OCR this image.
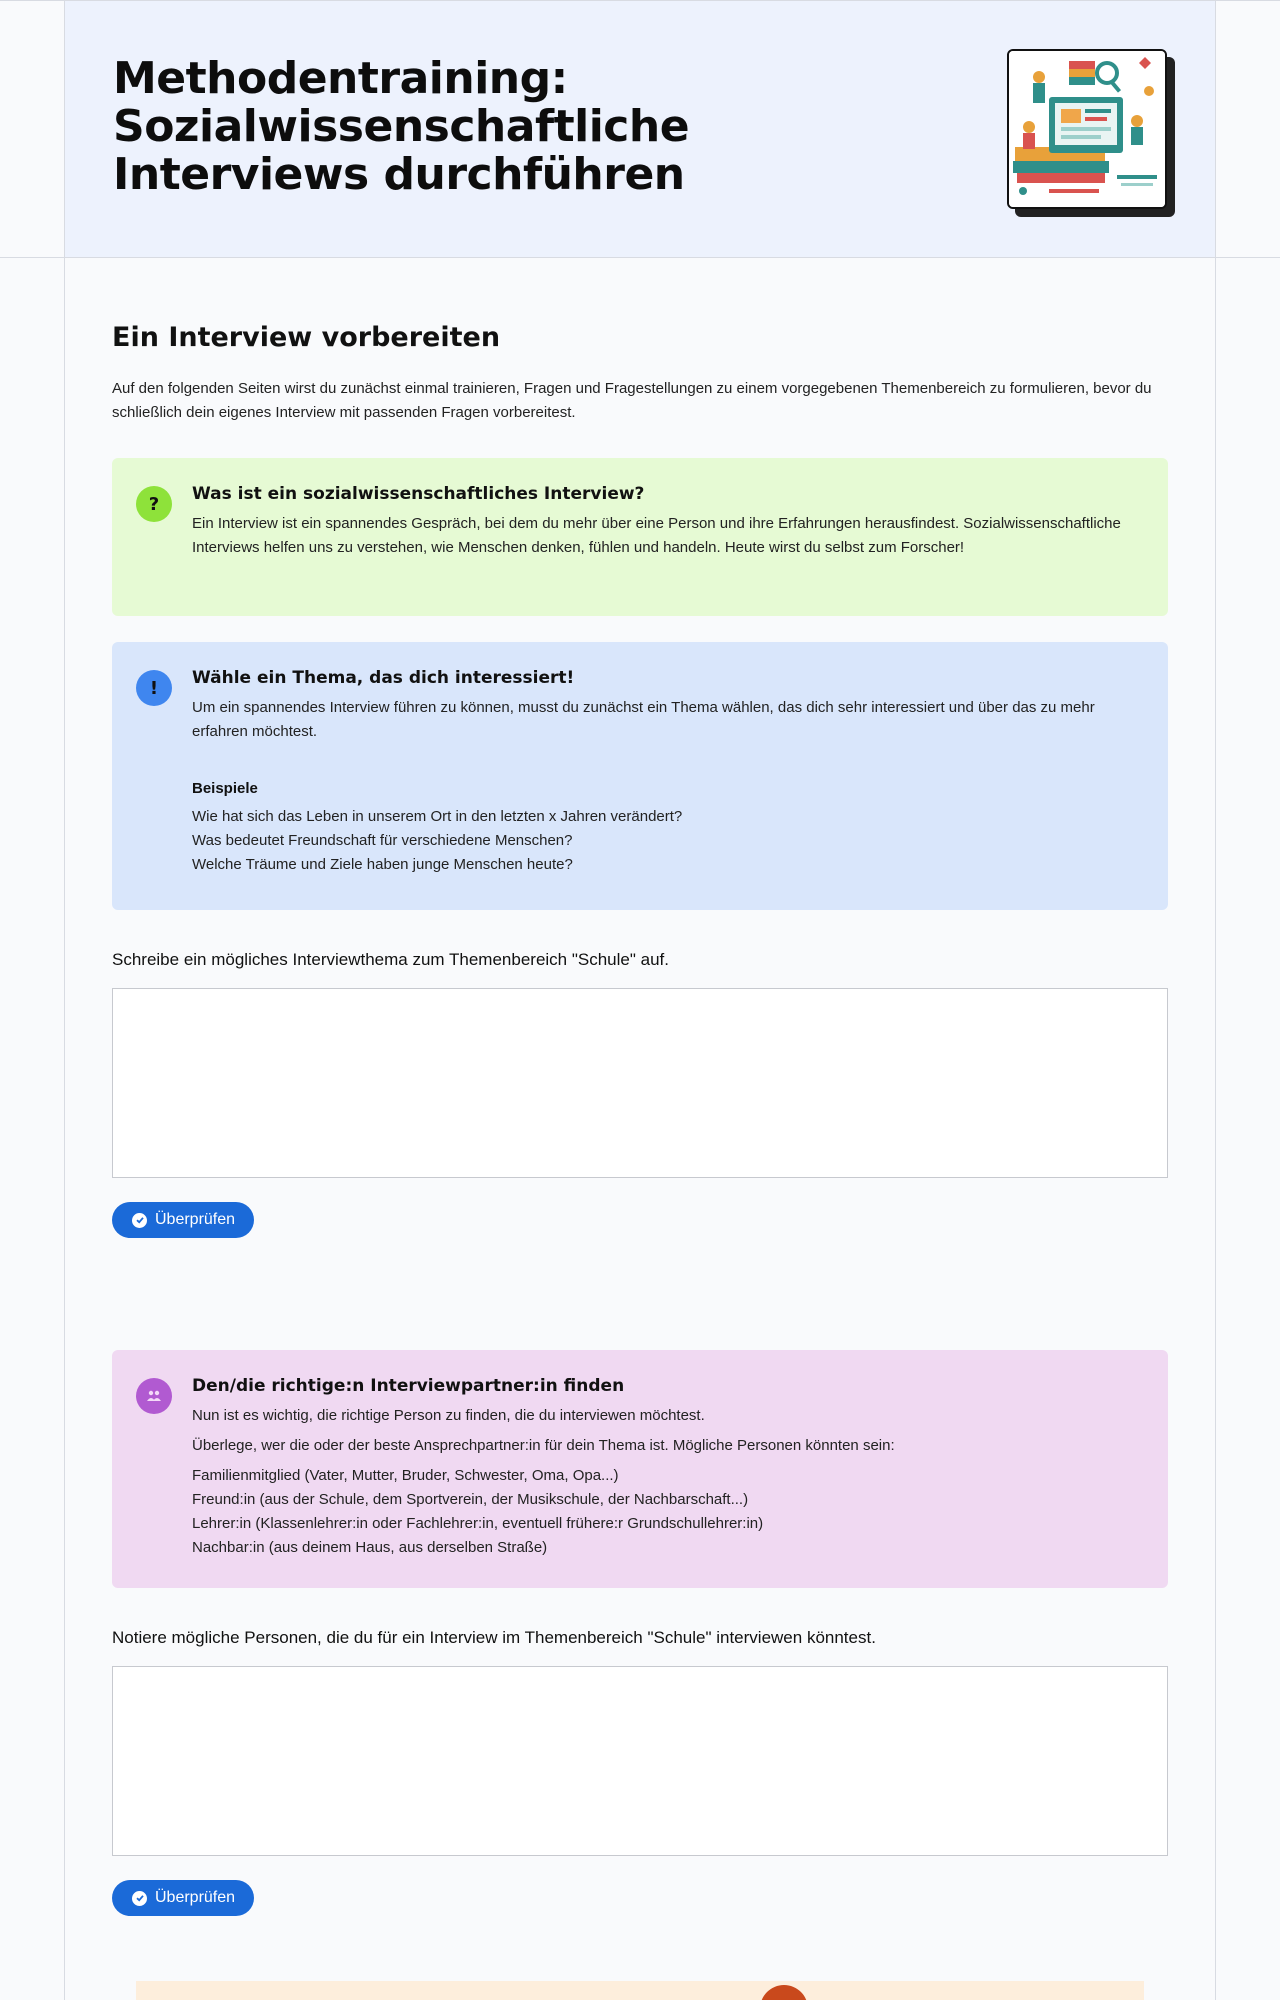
Methodentraining: Sozialwissenschaftliche Interviews durchführen
Ein Interview vorbereiten

Auf den folgenden Seiten wirst du zunächst einmal trainieren, Fragen und Fragestellungen zu einem vorgegebenen Themenbereich zu formulieren, bevor du schließlich dein eigenes Interview mit passenden Fragen vorbereitest.

?	Was ist ein sozialwissenschaftliches Interview?

Ein Interview ist ein spannendes Gespräch, bei dem du mehr über eine Person und ihre Erfahrungen herausfindest. Sozialwissenschaftliche Interviews helfen uns zu verstehen, wie Menschen denken, fühlen und handeln. Heute wirst du selbst zum Forscher!

!	Wähle ein Thema, das dich interessiert!

Um ein spannendes Interview führen zu können, musst du zunächst ein Thema wählen, das dich sehr interessiert und über das zu mehr erfahren möchtest.

Beispiele

Wie hat sich das Leben in unserem Ort in den letzten x Jahren verändert?

Was bedeutet Freundschaft für verschiedene Menschen?

Welche Träume und Ziele haben junge Menschen heute?

Schreibe ein mögliches Interviewthema zum Themenbereich "Schule" auf.

Überprüfen
Den/die richtige:n Interviewpartner:in finden

Nun ist es wichtig, die richtige Person zu finden, die du interviewen möchtest.

Überlege, wer die oder der beste Ansprechpartner:in für dein Thema ist. Mögliche Personen könnten sein:

Familienmitglied (Vater, Mutter, Bruder, Schwester, Oma, Opa...)

Freund:in (aus der Schule, dem Sportverein, der Musikschule, der Nachbarschaft...)

Lehrer:in (Klassenlehrer:in oder Fachlehrer:in, eventuell frühere:r Grundschullehrer:in)

Nachbar:in (aus deinem Haus, aus derselben Straße)

Notiere mögliche Personen, die du für ein Interview im Themenbereich "Schule" interviewen könntest.

Überprüfen
